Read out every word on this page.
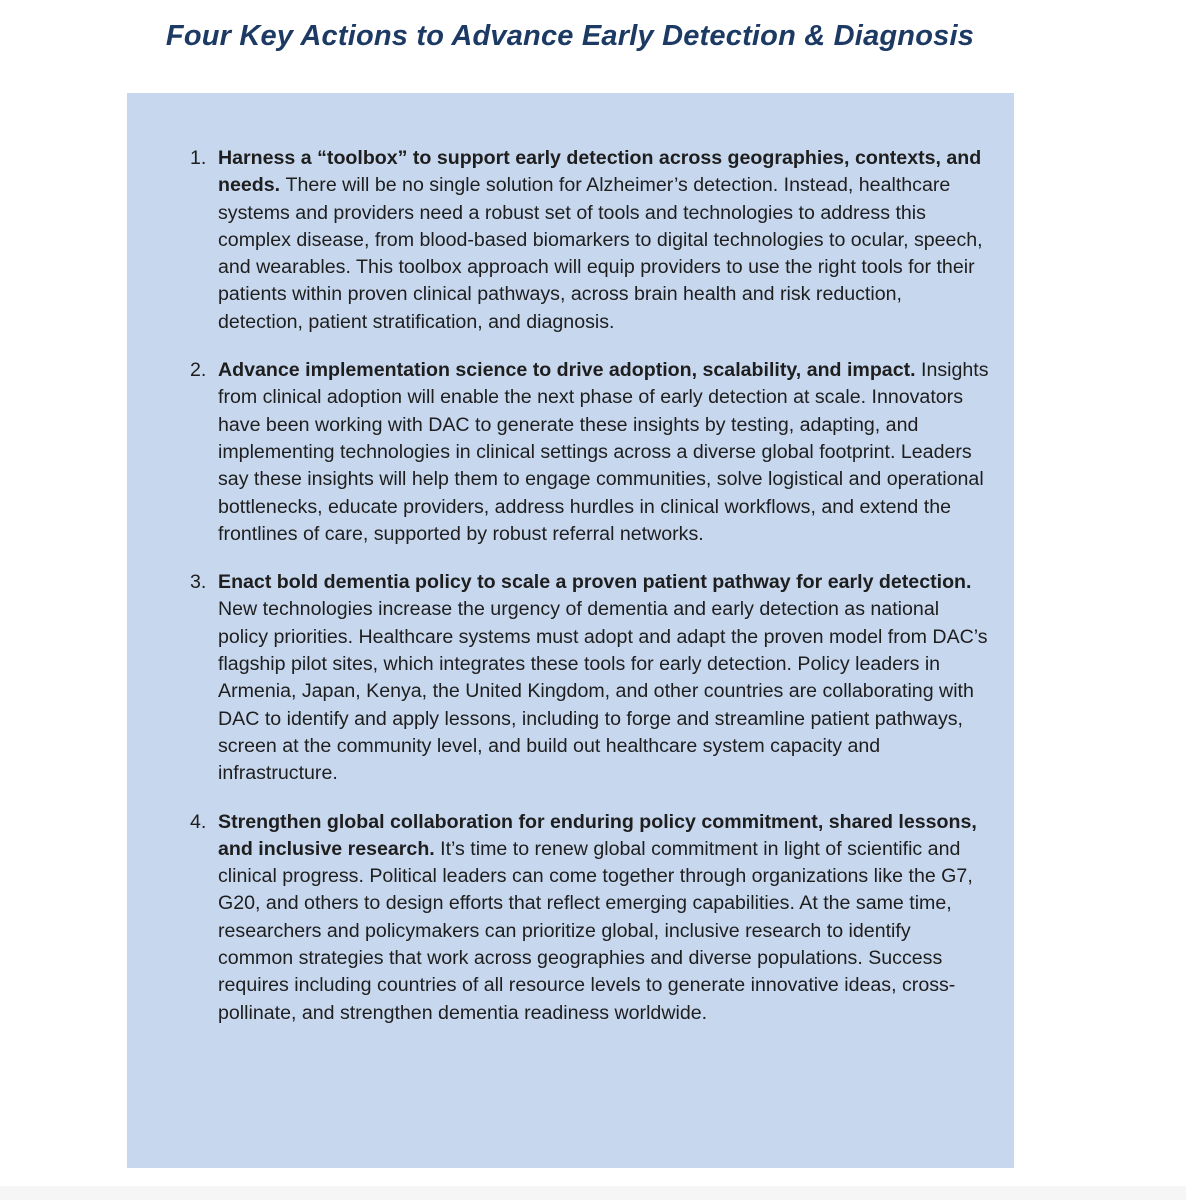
Four Key Actions to Advance Early Detection & Diagnosis
1. Harness a “toolbox” to support early detection across geographies, contexts, and needs. There will be no single solution for Alzheimer’s detection. Instead, healthcare systems and providers need a robust set of tools and technologies to address this complex disease, from blood-based biomarkers to digital technologies to ocular, speech, and wearables. This toolbox approach will equip providers to use the right tools for their patients within proven clinical pathways, across brain health and risk reduction, detection, patient stratification, and diagnosis.
2. Advance implementation science to drive adoption, scalability, and impact. Insights from clinical adoption will enable the next phase of early detection at scale. Innovators have been working with DAC to generate these insights by testing, adapting, and implementing technologies in clinical settings across a diverse global footprint. Leaders say these insights will help them to engage communities, solve logistical and operational bottlenecks, educate providers, address hurdles in clinical workflows, and extend the frontlines of care, supported by robust referral networks.
3. Enact bold dementia policy to scale a proven patient pathway for early detection. New technologies increase the urgency of dementia and early detection as national policy priorities. Healthcare systems must adopt and adapt the proven model from DAC’s flagship pilot sites, which integrates these tools for early detection. Policy leaders in Armenia, Japan, Kenya, the United Kingdom, and other countries are collaborating with DAC to identify and apply lessons, including to forge and streamline patient pathways, screen at the community level, and build out healthcare system capacity and infrastructure.
4. Strengthen global collaboration for enduring policy commitment, shared lessons, and inclusive research. It’s time to renew global commitment in light of scientific and clinical progress. Political leaders can come together through organizations like the G7, G20, and others to design efforts that reflect emerging capabilities. At the same time, researchers and policymakers can prioritize global, inclusive research to identify common strategies that work across geographies and diverse populations. Success requires including countries of all resource levels to generate innovative ideas, cross-pollinate, and strengthen dementia readiness worldwide.
